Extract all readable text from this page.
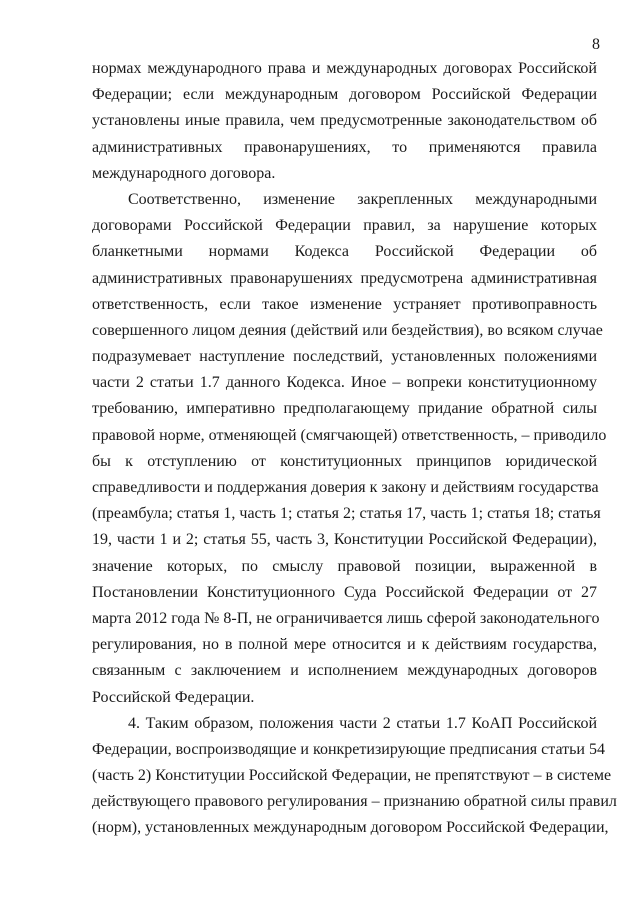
8
нормах международного права и международных договорах Российской
Федерации; если международным договором Российской Федерации
установлены иные правила, чем предусмотренные законодательством об
административных правонарушениях, то применяются правила
международного договора.
Соответственно, изменение закрепленных международными
договорами Российской Федерации правил, за нарушение которых
бланкетными нормами Кодекса Российской Федерации об
административных правонарушениях предусмотрена административная
ответственность, если такое изменение устраняет противоправность
совершенного лицом деяния (действий или бездействия), во всяком случае
подразумевает наступление последствий, установленных положениями
части 2 статьи 1.7 данного Кодекса. Иное – вопреки конституционному
требованию, императивно предполагающему придание обратной силы
правовой норме, отменяющей (смягчающей) ответственность, – приводило
бы к отступлению от конституционных принципов юридической
справедливости и поддержания доверия к закону и действиям государства
(преамбула; статья 1, часть 1; статья 2; статья 17, часть 1; статья 18; статья
19, части 1 и 2; статья 55, часть 3, Конституции Российской Федерации),
значение которых, по смыслу правовой позиции, выраженной в
Постановлении Конституционного Суда Российской Федерации от 27
марта 2012 года № 8-П, не ограничивается лишь сферой законодательного
регулирования, но в полной мере относится и к действиям государства,
связанным с заключением и исполнением международных договоров
Российской Федерации.
4. Таким образом, положения части 2 статьи 1.7 КоАП Российской
Федерации, воспроизводящие и конкретизирующие предписания статьи 54
(часть 2) Конституции Российской Федерации, не препятствуют – в системе
действующего правового регулирования – признанию обратной силы правил
(норм), установленных международным договором Российской Федерации,
